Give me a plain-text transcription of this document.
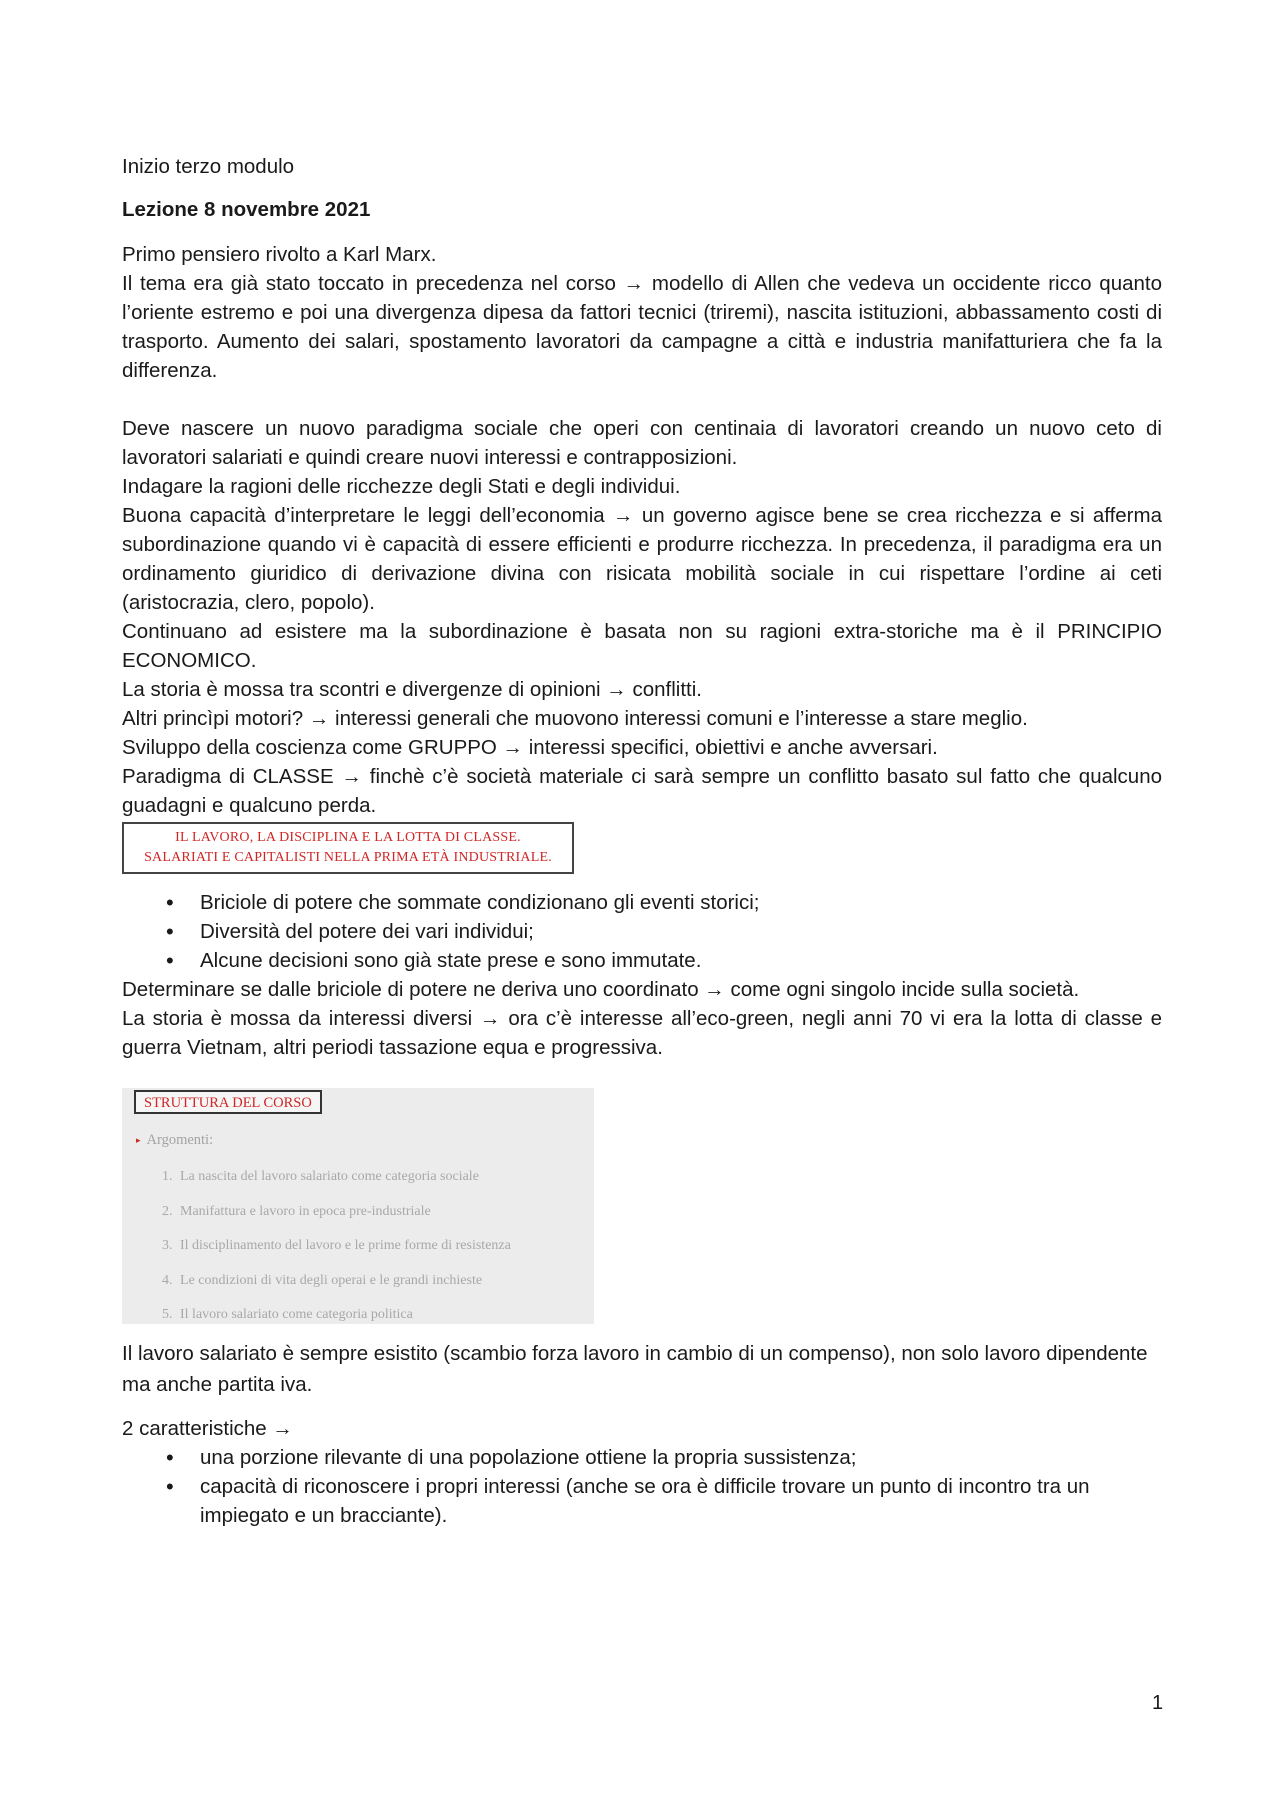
Inizio terzo modulo

Lezione 8 novembre 2021

Primo pensiero rivolto a Karl Marx.

Il tema era già stato toccato in precedenza nel corso → modello di Allen che vedeva un occidente ricco quanto l’oriente estremo e poi una divergenza dipesa da fattori tecnici (triremi), nascita istituzioni, abbassamento costi di trasporto. Aumento dei salari, spostamento lavoratori da campagne a città e industria manifatturiera che fa la differenza.

Deve nascere un nuovo paradigma sociale che operi con centinaia di lavoratori creando un nuovo ceto di lavoratori salariati e quindi creare nuovi interessi e contrapposizioni.

Indagare la ragioni delle ricchezze degli Stati e degli individui.

Buona capacità d’interpretare le leggi dell’economia → un governo agisce bene se crea ricchezza e si afferma subordinazione quando vi è capacità di essere efficienti e produrre ricchezza. In precedenza, il paradigma era un ordinamento giuridico di derivazione divina con risicata mobilità sociale in cui rispettare l’ordine ai ceti (aristocrazia, clero, popolo).

Continuano ad esistere ma la subordinazione è basata non su ragioni extra-storiche ma è il PRINCIPIO ECONOMICO.

La storia è mossa tra scontri e divergenze di opinioni → conflitti.

Altri princìpi motori? → interessi generali che muovono interessi comuni e l’interesse a stare meglio.

Sviluppo della coscienza come GRUPPO → interessi specifici, obiettivi e anche avversari.

Paradigma di CLASSE → finchè c’è società materiale ci sarà sempre un conflitto basato sul fatto che qualcuno guadagni e qualcuno perda.

IL LAVORO, LA DISCIPLINA E LA LOTTA DI CLASSE.
SALARIATI E CAPITALISTI NELLA PRIMA ETÀ INDUSTRIALE.
• Briciole di potere che sommate condizionano gli eventi storici;
• Diversità del potere dei vari individui;
• Alcune decisioni sono già state prese e sono immutate.

Determinare se dalle briciole di potere ne deriva uno coordinato → come ogni singolo incide sulla società.

La storia è mossa da interessi diversi → ora c’è interesse all’eco-green, negli anni 70 vi era la lotta di classe e guerra Vietnam, altri periodi tassazione equa e progressiva.

STRUTTURA DEL CORSO
▸ Argomenti:
1. La nascita del lavoro salariato come categoria sociale
2. Manifattura e lavoro in epoca pre-industriale
3. Il disciplinamento del lavoro e le prime forme di resistenza
4. Le condizioni di vita degli operai e le grandi inchieste
5. Il lavoro salariato come categoria politica

Il lavoro salariato è sempre esistito (scambio forza lavoro in cambio di un compenso), non solo lavoro dipendente ma anche partita iva.

2 caratteristiche →

• una porzione rilevante di una popolazione ottiene la propria sussistenza;
• capacità di riconoscere i propri interessi (anche se ora è difficile trovare un punto di incontro tra un impiegato e un bracciante).
1
